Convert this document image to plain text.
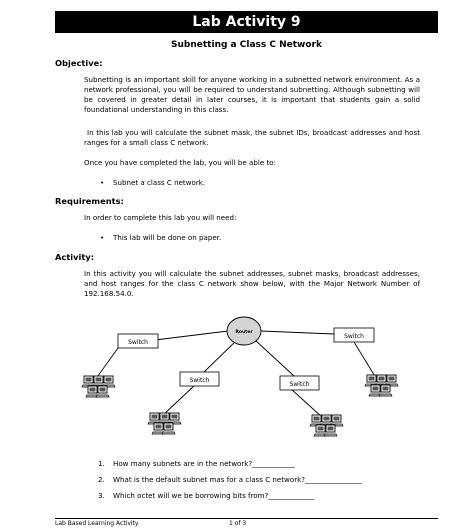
Lab Activity 9
Subnetting a Class C Network
Objective:
Subnetting is an important skill for anyone working in a subnetted network environment. As a network professional, you will be required to understand subnetting. Although subnetting will be covered in greater detail in later courses, it is important that students gain a solid foundational understanding in this class.
In this lab you will calculate the subnet mask, the subnet IDs, broadcast addresses and host ranges for a small class C network.
Once you have completed the lab, you will be able to:
• Subnet a class C network.
Requirements:
In order to complete this lab you will need:
• This lab will be done on paper.
Activity:
In this activity you will calculate the subnet addresses, subnet masks, broadcast addresses, and host ranges for the class C network show below, with the Major Network Number of 192.168.54.0.
Router
Switch
Switch
Switch
Switch
1. How many subnets are in the network?____________
2. What is the default subnet mas for a class C network?________________
3. Which octet will we be borrowing bits from?_____________
Lab Based Learning Activity	1 of 3
